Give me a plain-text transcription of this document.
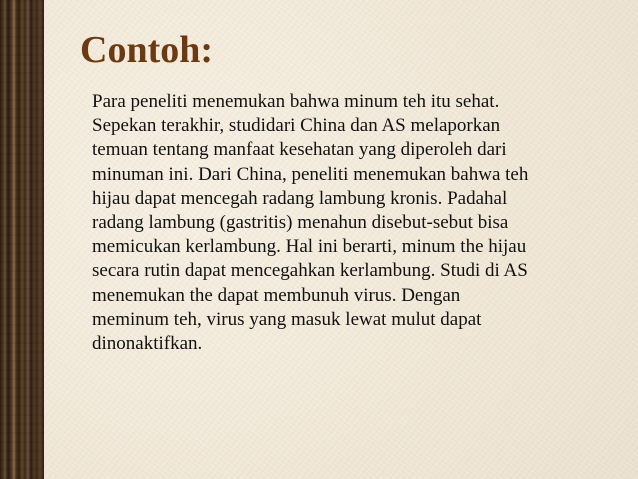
Contoh:
Para peneliti menemukan bahwa minum teh itu sehat.
Sepekan terakhir, studidari China dan AS melaporkan
temuan tentang manfaat kesehatan yang diperoleh dari
minuman ini. Dari China, peneliti menemukan bahwa teh
hijau dapat mencegah radang lambung kronis. Padahal
radang lambung (gastritis) menahun disebut-sebut bisa
memicukan kerlambung. Hal ini berarti, minum the hijau
secara rutin dapat mencegahkan kerlambung. Studi di AS
menemukan the dapat membunuh virus. Dengan
meminum teh, virus yang masuk lewat mulut dapat
dinonaktifkan.
